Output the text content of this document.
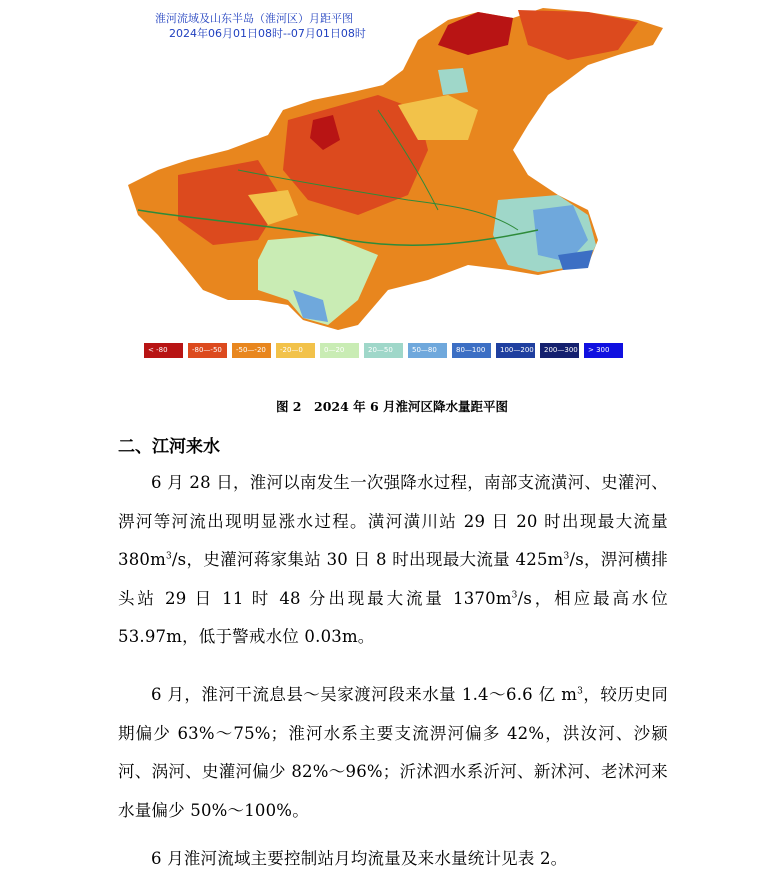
淮河流域及山东半岛（淮河区）月距平图
2024年06月01日08时--07月01日08时
< -80	-80—-50	-50—-20	-20—0	0—20	20—50	50—80	80—100	100—200	200—300	> 300
图 2　2024 年 6 月淮河区降水量距平图
二、江河来水
6 月 28 日，淮河以南发生一次强降水过程，南部支流潢河、史灌河、淠河等河流出现明显涨水过程。潢河潢川站 29 日 20 时出现最大流量 $380m^3/s$，史灌河蒋家集站 30 日 8 时出现最大流量 $425m^3/s$，淠河横排头站 29 日 11 时 48 分出现最大流量 $1370m^3/s$，相应最高水位 53.97m，低于警戒水位 0.03m。
6 月，淮河干流息县～吴家渡河段来水量 1.4～6.6 亿 $m^3$，较历史同期偏少 63%～75%；淮河水系主要支流淠河偏多 42%，洪汝河、沙颍河、涡河、史灌河偏少 82%～96%；沂沭泗水系沂河、新沭河、老沭河来水量偏少 50%～100%。
6 月淮河流域主要控制站月均流量及来水量统计见表 2。
